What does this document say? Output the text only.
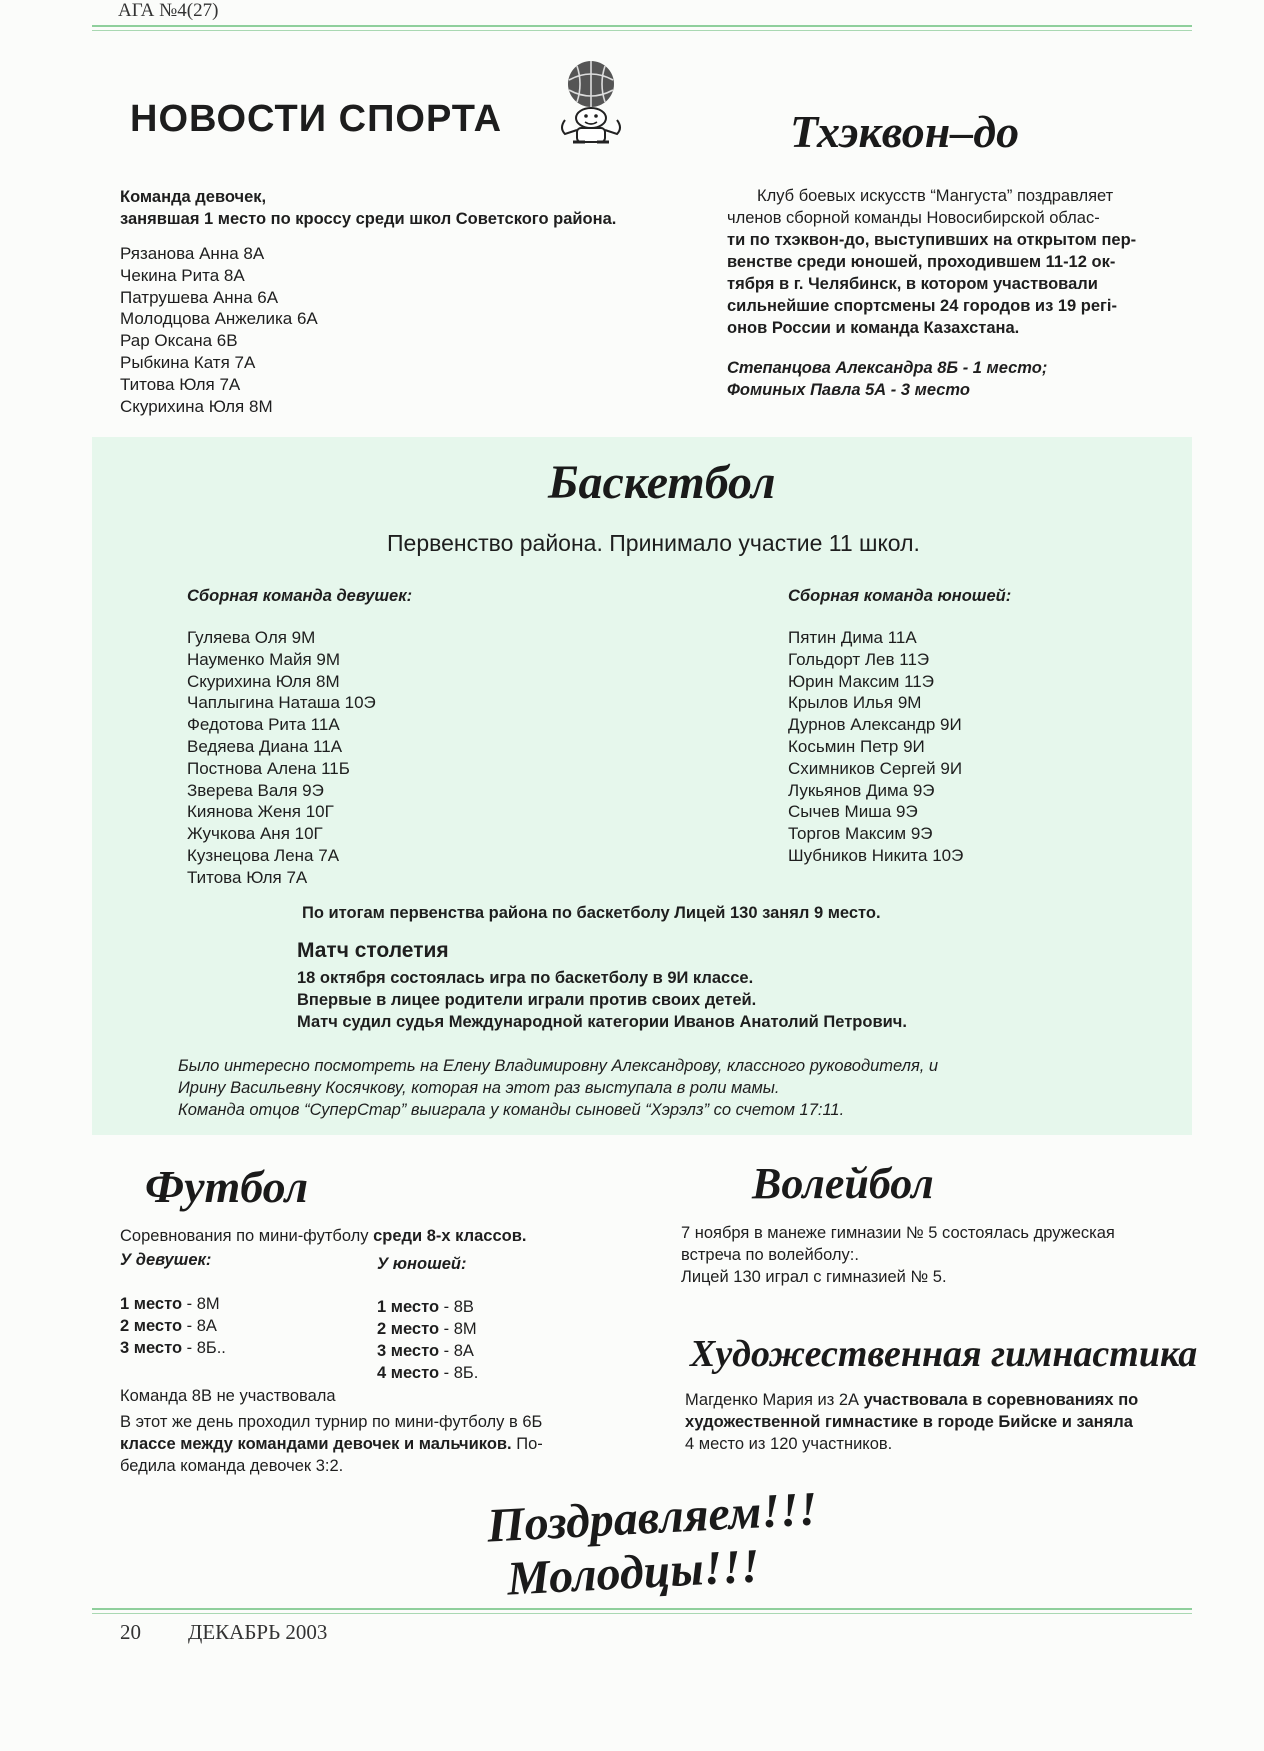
АГА №4(27)
НОВОСТИ СПОРТА
Команда девочек,
занявшая 1 место по кроссу среди школ Советского района.
Рязанова Анна 8А
Чекина Рита 8А
Патрушева Анна 6А
Молодцова Анжелика 6А
Рар Оксана 6В
Рыбкина Катя 7А
Титова Юля 7А
Скурихина Юля 8М
Тхэквон–до
Клуб боевых искусств “Мангуста” поздравляет
членов сборной команды Новосибирской облас-
ти по тхэквон-до, выступивших на открытом пер-
венстве среди юношей, проходившем 11-12 ок-
тября в г. Челябинск, в котором участвовали
сильнейшие спортсмены 24 городов из 19 регі-
онов России и команда Казахстана.
Степанцова Александра 8Б - 1 место;
Фоминых Павла 5А - 3 место
Баскетбол
Первенство района. Принимало участие 11 школ.
Сборная команда девушек:
Гуляева Оля 9М
Науменко Майя 9М
Скурихина Юля 8М
Чаплыгина Наташа 10Э
Федотова Рита 11А
Ведяева Диана 11А
Постнова Алена 11Б
Зверева Валя 9Э
Киянова Женя 10Г
Жучкова Аня 10Г
Кузнецова Лена 7А
Титова Юля 7А
Сборная команда юношей:
Пятин Дима 11А
Гольдорт Лев 11Э
Юрин Максим 11Э
Крылов Илья 9М
Дурнов Александр 9И
Косьмин Петр 9И
Схимников Сергей 9И
Лукьянов Дима 9Э
Сычев Миша 9Э
Торгов Максим 9Э
Шубников Никита 10Э
По итогам первенства района по баскетболу Лицей 130 занял 9 место.
Матч столетия
18 октября состоялась игра по баскетболу в 9И классе.
Впервые в лицее родители играли против своих детей.
Матч судил судья Международной категории Иванов Анатолий Петрович.
Было интересно посмотреть на Елену Владимировну Александрову, классного руководителя, и
Ирину Васильевну Косячкову, которая на этот раз выступала в роли мамы.
Команда отцов “СуперСтар” выиграла у команды сыновей “Хэрэлз” со счетом 17:11.
Футбол
Соревнования по мини-футболу среди 8-х классов.
У девушек:	У юношей:
1 место - 8М
2 место - 8А
3 место - 8Б..
1 место - 8В
2 место - 8М
3 место - 8А
4 место - 8Б.
Команда 8В не участвовала
В этот же день проходил турнир по мини-футболу в 6Б
классе между командами девочек и мальчиков. По-
бедила команда девочек 3:2.
Волейбол
7 ноября в манеже гимназии № 5 состоялась дружеская
встреча по волейболу:.
Лицей 130 играл с гимназией № 5.
Художественная гимнастика
Магденко Мария из 2А участвовала в соревнованиях по
художественной гимнастике в городе Бийске и заняла
4 место из 120 участников.
Поздравляем!!!
Молодцы!!!
20 ДЕКАБРЬ 2003
